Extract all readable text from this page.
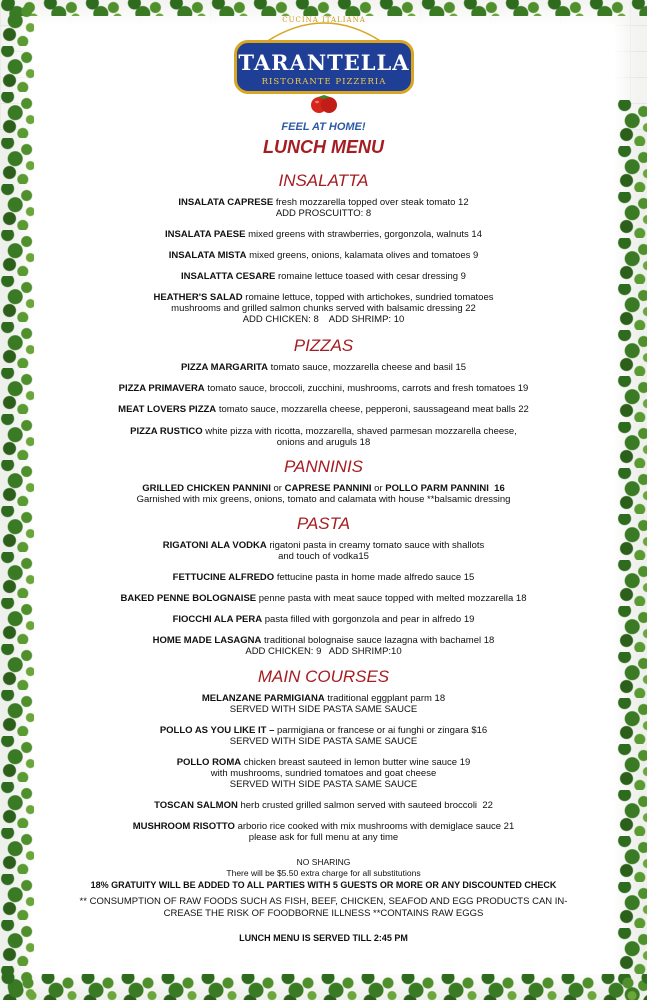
CUCINA ITALIANA
TARANTELLA
RISTORANTE PIZZERIA
FEEL AT HOME!
LUNCH MENU
INSALATTA
INSALATA CAPRESE fresh mozzarella topped over steak tomato 12
ADD PROSCUITTO: 8
INSALATA PAESE mixed greens with strawberries, gorgonzola, walnuts 14
INSALATA MISTA mixed greens, onions, kalamata olives and tomatoes 9
INSALATTA CESARE romaine lettuce toased with cesar dressing 9
HEATHER'S SALAD romaine lettuce, topped with artichokes, sundried tomatoes
mushrooms and grilled salmon chunks served with balsamic dressing 22
ADD CHICKEN: 8    ADD SHRIMP: 10
PIZZAS
PIZZA MARGARITA tomato sauce, mozzarella cheese and basil 15
PIZZA PRIMAVERA tomato sauce, broccoli, zucchini, mushrooms, carrots and fresh tomatoes 19
MEAT LOVERS PIZZA tomato sauce, mozzarella cheese, pepperoni, saussageand meat balls 22
PIZZA RUSTICO white pizza with ricotta, mozzarella, shaved parmesan mozzarella cheese,
onions and aruguls 18
PANNINIS
GRILLED CHICKEN PANNINI or CAPRESE PANNINI or POLLO PARM PANNINI  16
Garnished with mix greens, onions, tomato and calamata with house **balsamic dressing
PASTA
RIGATONI ALA VODKA rigatoni pasta in creamy tomato sauce with shallots
and touch of vodka15
FETTUCINE ALFREDO fettucine pasta in home made alfredo sauce 15
BAKED PENNE BOLOGNAISE penne pasta with meat sauce topped with melted mozzarella 18
FIOCCHI ALA PERA pasta filled with gorgonzola and pear in alfredo 19
HOME MADE LASAGNA traditional bolognaise sauce lazagna with bachamel 18
ADD CHICKEN: 9   ADD SHRIMP:10
MAIN COURSES
MELANZANE PARMIGIANA traditional eggplant parm 18
SERVED WITH SIDE PASTA SAME SAUCE
POLLO AS YOU LIKE IT – parmigiana or francese or ai funghi or zingara $16
SERVED WITH SIDE PASTA SAME SAUCE
POLLO ROMA chicken breast sauteed in lemon butter wine sauce 19
with mushrooms, sundried tomatoes and goat cheese
SERVED WITH SIDE PASTA SAME SAUCE
TOSCAN SALMON herb crusted grilled salmon served with sauteed broccoli  22
MUSHROOM RISOTTO arborio rice cooked with mix mushrooms with demiglace sauce 21
please ask for full menu at any time
NO SHARING
There will be $5.50 extra charge for all substitutions
18% GRATUITY WILL BE ADDED TO ALL PARTIES WITH 5 GUESTS OR MORE OR ANY DISCOUNTED CHECK
** CONSUMPTION OF RAW FOODS SUCH AS FISH, BEEF, CHICKEN, SEAFOD AND EGG PRODUCTS CAN IN-CREASE THE RISK OF FOODBORNE ILLNESS **CONTAINS RAW EGGS
LUNCH MENU IS SERVED TILL 2:45 PM
